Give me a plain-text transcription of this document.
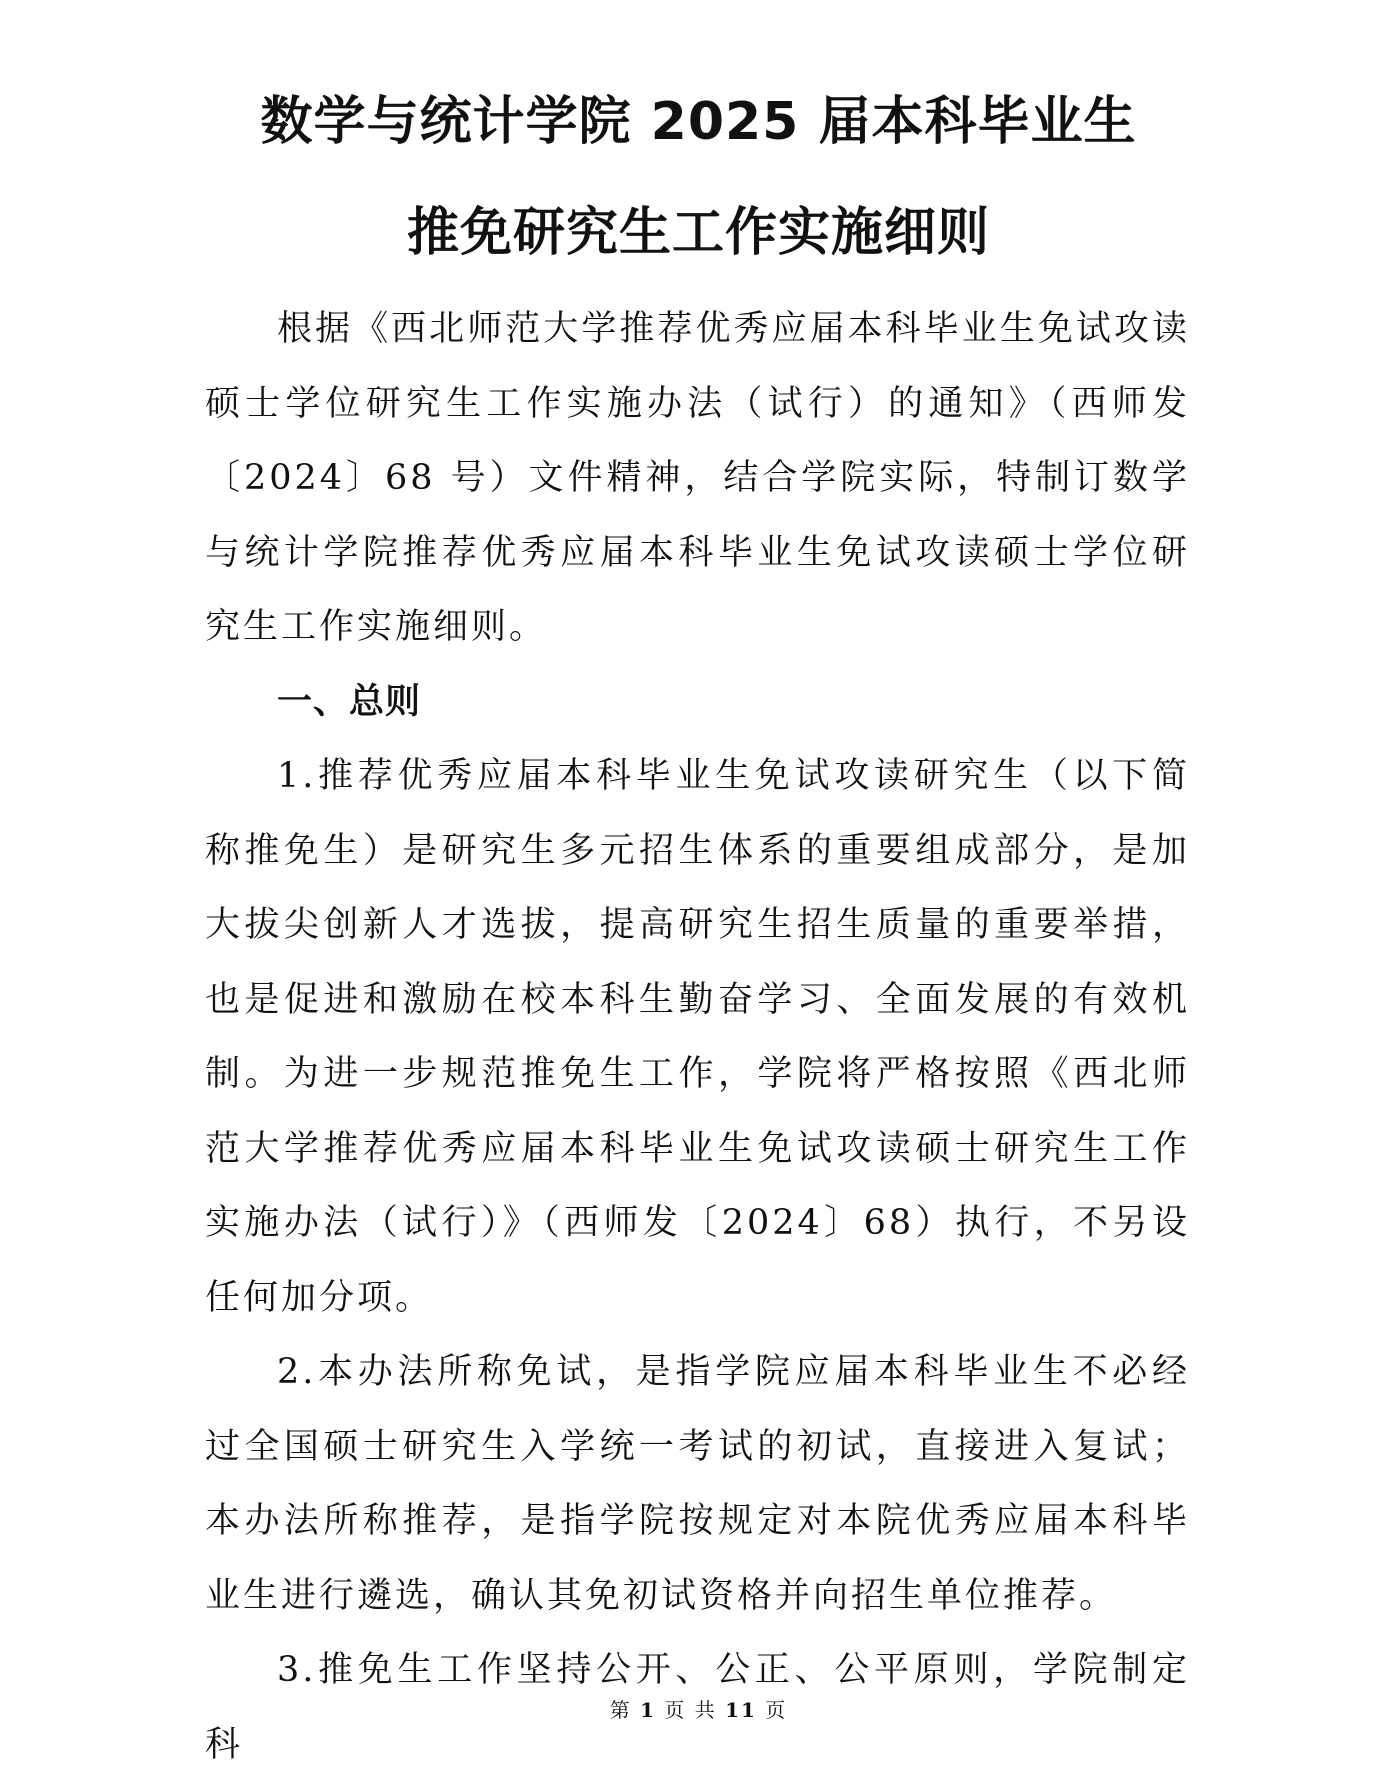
数学与统计学院 2025 届本科毕业生
推免研究生工作实施细则

根据《西北师范大学推荐优秀应届本科毕业生免试攻读硕士学位研究生工作实施办法（试行）的通知》（西师发〔2024〕68 号）文件精神，结合学院实际，特制订数学与统计学院推荐优秀应届本科毕业生免试攻读硕士学位研究生工作实施细则。

一、总则

1.推荐优秀应届本科毕业生免试攻读研究生（以下简称推免生）是研究生多元招生体系的重要组成部分，是加大拔尖创新人才选拔，提高研究生招生质量的重要举措，也是促进和激励在校本科生勤奋学习、全面发展的有效机制。为进一步规范推免生工作，学院将严格按照《西北师范大学推荐优秀应届本科毕业生免试攻读硕士研究生工作实施办法（试行）》（西师发〔2024〕68）执行，不另设任何加分项。

2.本办法所称免试，是指学院应届本科毕业生不必经过全国硕士研究生入学统一考试的初试，直接进入复试；本办法所称推荐，是指学院按规定对本院优秀应届本科毕业生进行遴选，确认其免初试资格并向招生单位推荐。

3.推免生工作坚持公开、公正、公平原则，学院制定科

第 1 页 共 11 页
